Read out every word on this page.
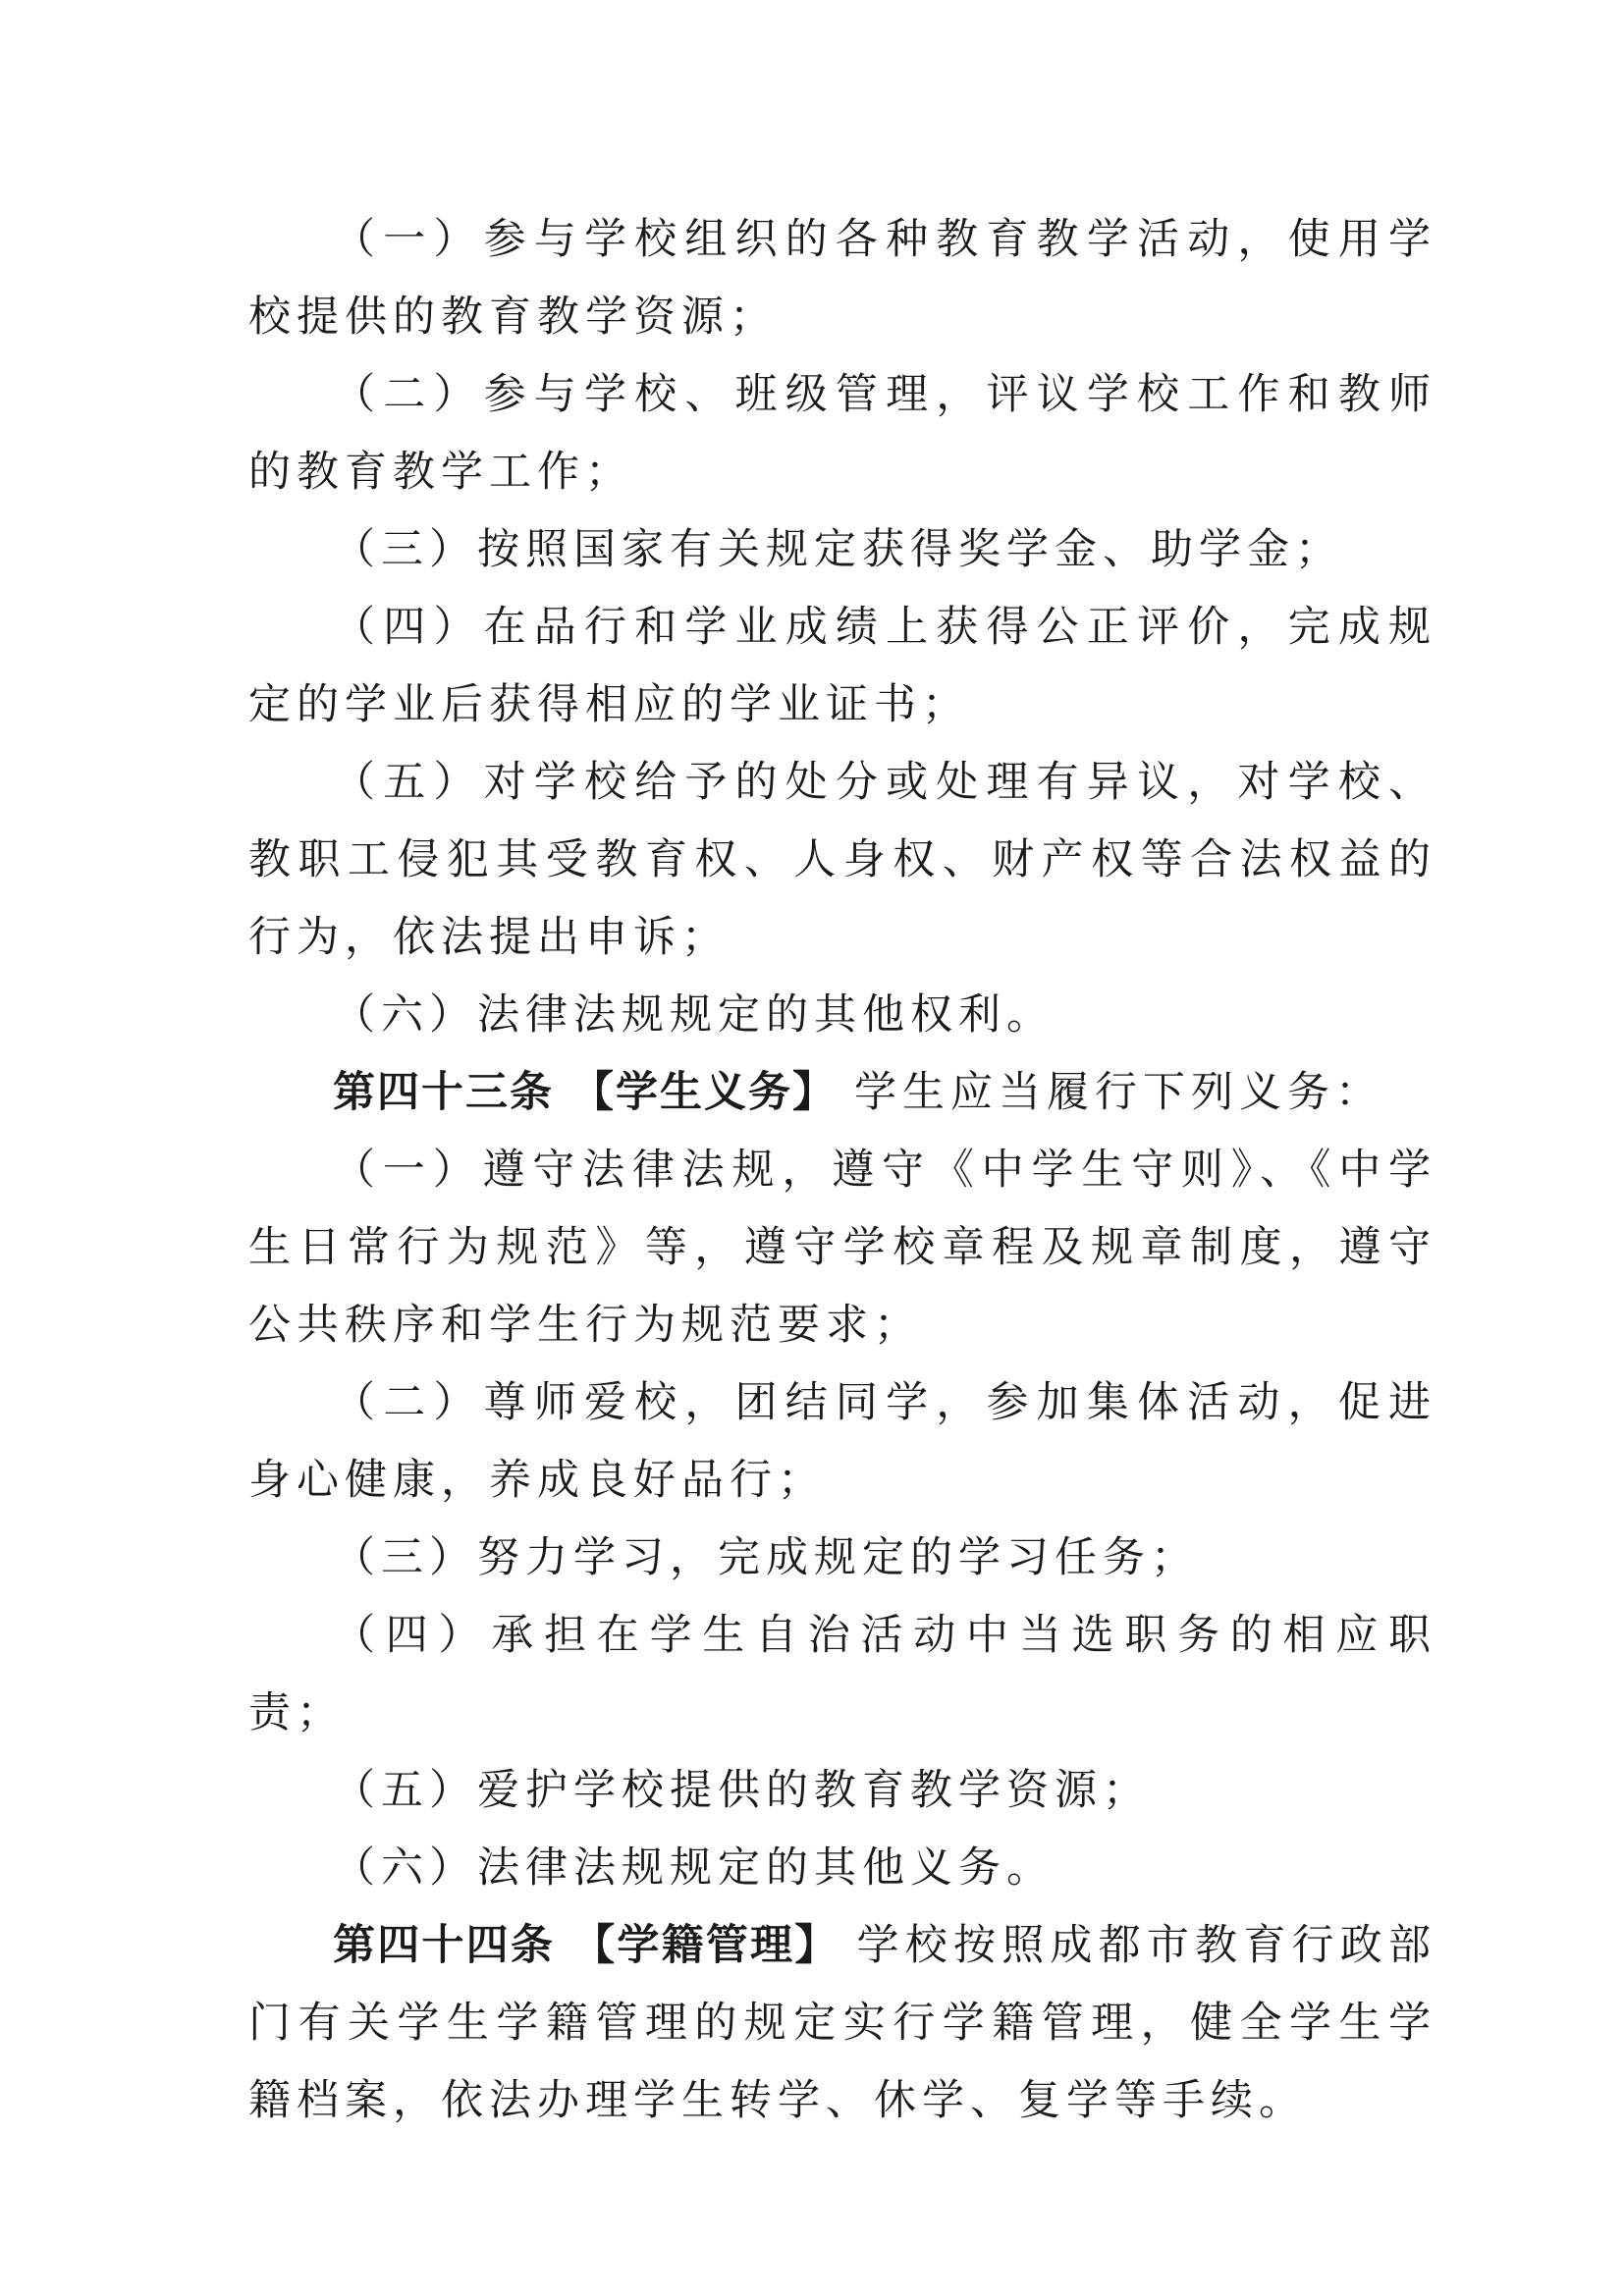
（一）参与学校组织的各种教育教学活动，使用学校提供的教育教学资源；

（二）参与学校、班级管理，评议学校工作和教师的教育教学工作；

（三）按照国家有关规定获得奖学金、助学金；

（四）在品行和学业成绩上获得公正评价，完成规定的学业后获得相应的学业证书；

（五）对学校给予的处分或处理有异议，对学校、教职工侵犯其受教育权、人身权、财产权等合法权益的行为，依法提出申诉；

（六）法律法规规定的其他权利。

第四十三条 【学生义务】 学生应当履行下列义务：

（一）遵守法律法规，遵守《中学生守则》、《中学生日常行为规范》等，遵守学校章程及规章制度，遵守公共秩序和学生行为规范要求；

（二）尊师爱校，团结同学，参加集体活动，促进身心健康，养成良好品行；

（三）努力学习，完成规定的学习任务；

（四）承担在学生自治活动中当选职务的相应职责；

（五）爱护学校提供的教育教学资源；

（六）法律法规规定的其他义务。

第四十四条 【学籍管理】 学校按照成都市教育行政部门有关学生学籍管理的规定实行学籍管理，健全学生学籍档案，依法办理学生转学、休学、复学等手续。
